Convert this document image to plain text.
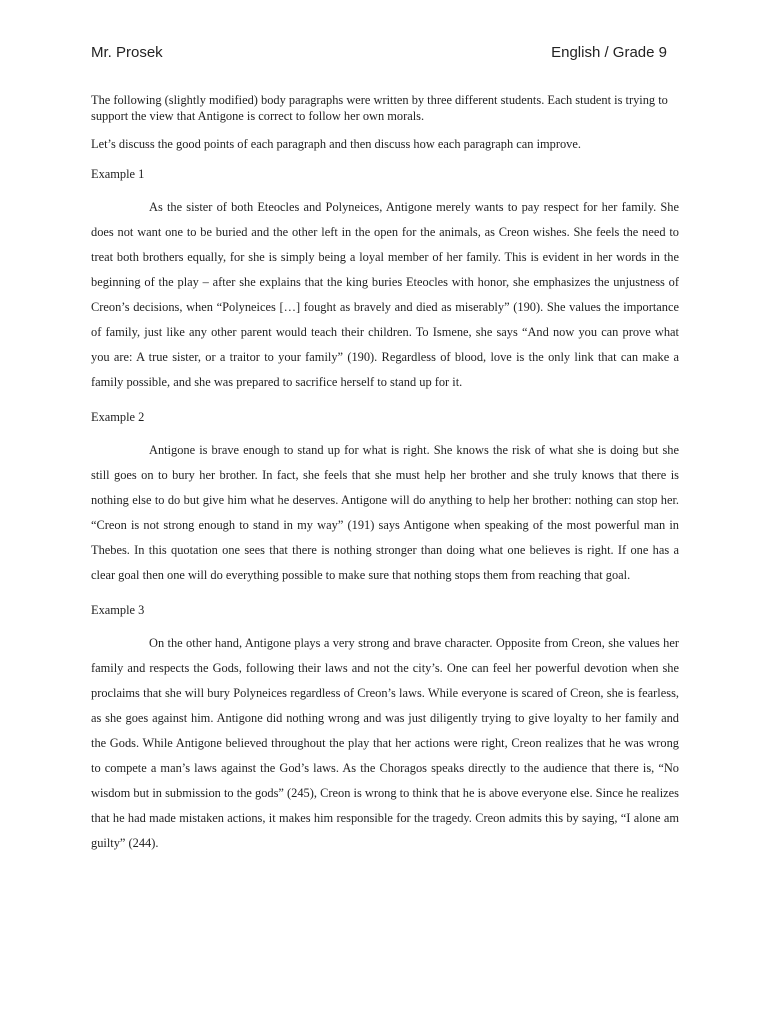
Mr. Prosek	English / Grade 9

The following (slightly modified) body paragraphs were written by three different students. Each student is trying to support the view that Antigone is correct to follow her own morals.

Let’s discuss the good points of each paragraph and then discuss how each paragraph can improve.

Example 1

As the sister of both Eteocles and Polyneices, Antigone merely wants to pay respect for her family. She does not want one to be buried and the other left in the open for the animals, as Creon wishes. She feels the need to treat both brothers equally, for she is simply being a loyal member of her family. This is evident in her words in the beginning of the play – after she explains that the king buries Eteocles with honor, she emphasizes the unjustness of Creon’s decisions, when “Polyneices […] fought as bravely and died as miserably” (190). She values the importance of family, just like any other parent would teach their children. To Ismene, she says “And now you can prove what you are: A true sister, or a traitor to your family” (190). Regardless of blood, love is the only link that can make a family possible, and she was prepared to sacrifice herself to stand up for it.

Example 2

Antigone is brave enough to stand up for what is right. She knows the risk of what she is doing but she still goes on to bury her brother. In fact, she feels that she must help her brother and she truly knows that there is nothing else to do but give him what he deserves. Antigone will do anything to help her brother: nothing can stop her. “Creon is not strong enough to stand in my way” (191) says Antigone when speaking of the most powerful man in Thebes. In this quotation one sees that there is nothing stronger than doing what one believes is right. If one has a clear goal then one will do everything possible to make sure that nothing stops them from reaching that goal.

Example 3

On the other hand, Antigone plays a very strong and brave character. Opposite from Creon, she values her family and respects the Gods, following their laws and not the city’s. One can feel her powerful devotion when she proclaims that she will bury Polyneices regardless of Creon’s laws. While everyone is scared of Creon, she is fearless, as she goes against him. Antigone did nothing wrong and was just diligently trying to give loyalty to her family and the Gods. While Antigone believed throughout the play that her actions were right, Creon realizes that he was wrong to compete a man’s laws against the God’s laws. As the Choragos speaks directly to the audience that there is, “No wisdom but in submission to the gods” (245), Creon is wrong to think that he is above everyone else. Since he realizes that he had made mistaken actions, it makes him responsible for the tragedy. Creon admits this by saying, “I alone am guilty” (244).
